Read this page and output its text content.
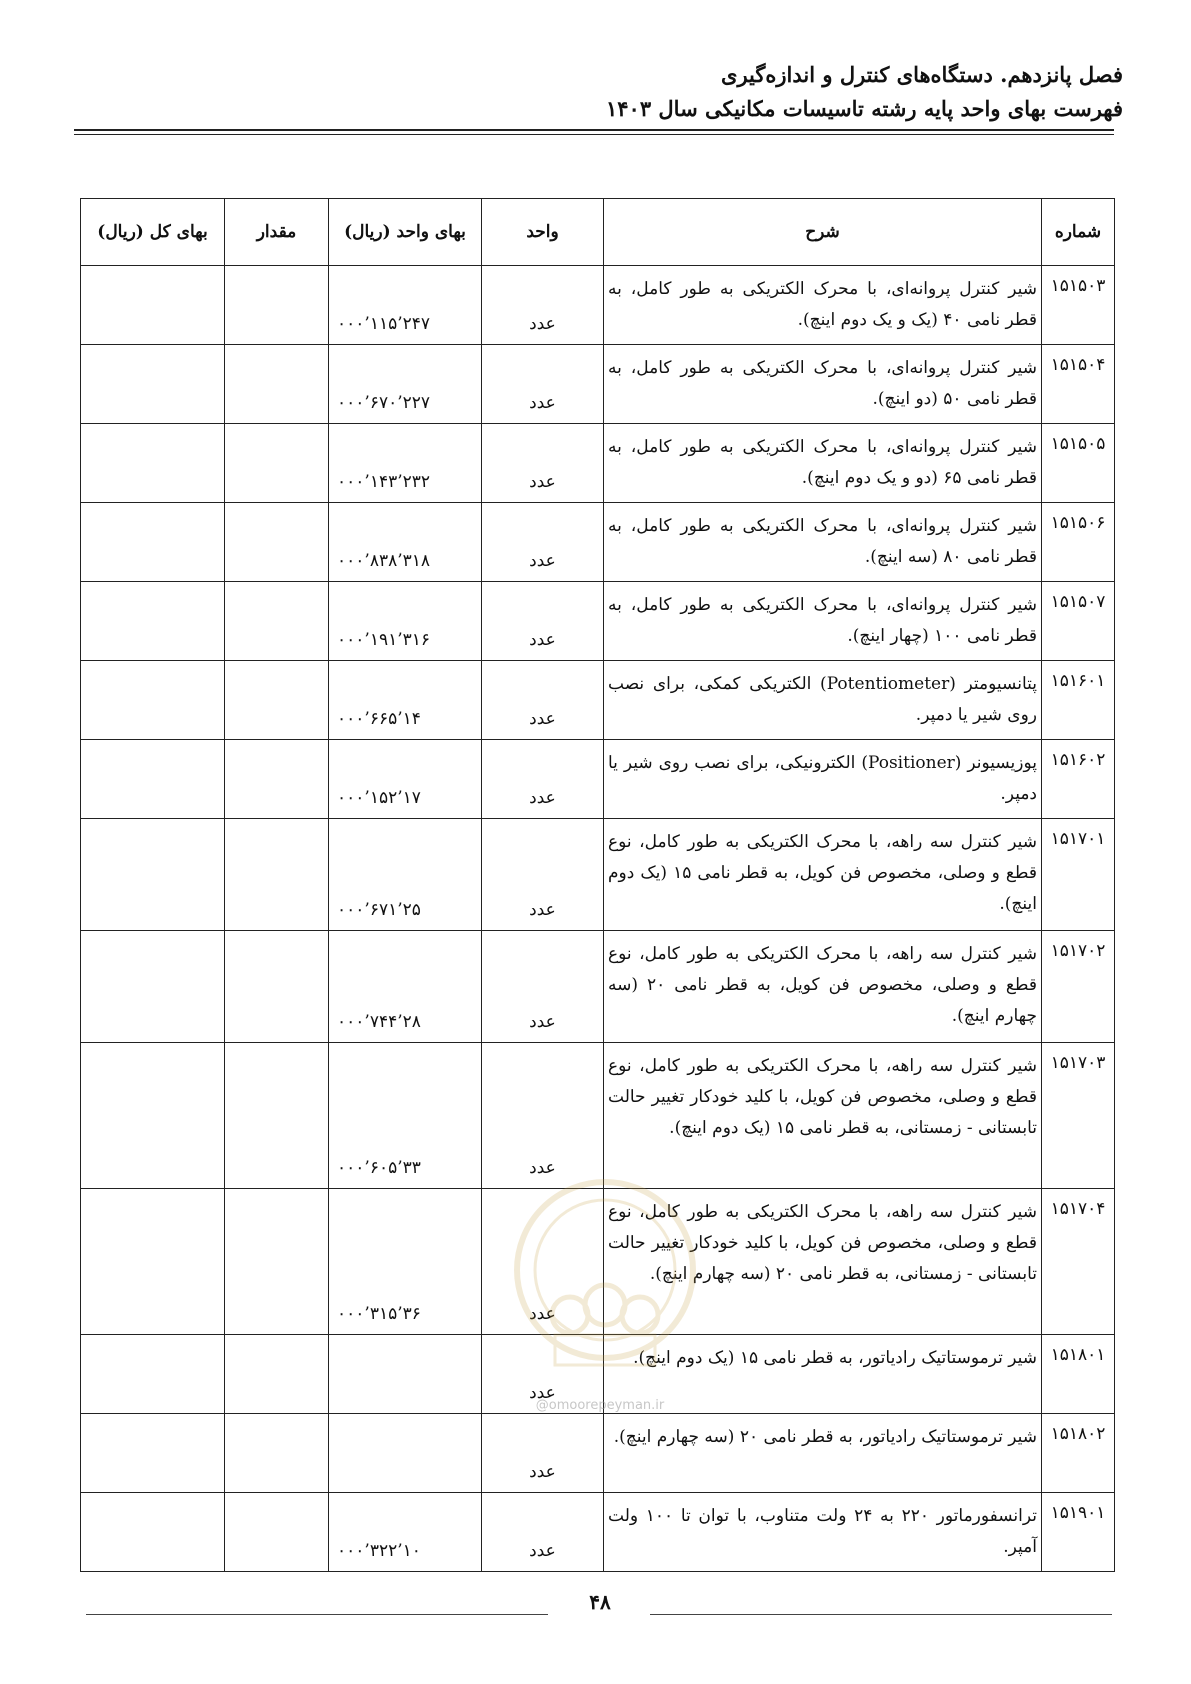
فصل پانزدهم. دستگاه‌های کنترل و اندازه‌گیری
فهرست بهای واحد پایه رشته تاسیسات مکانیکی سال ۱۴۰۳
شماره	شرح	واحد	بهای واحد (ریال)	مقدار	بهای کل (ریال)
۱۵۱۵۰۳	شیر کنترل پروانه‌ای، با محرک الکتریکی به طور کامل، به قطر نامی ۴۰ (یک و یک دوم اینچ).	عدد	۲۴۷’۱۱۵’۰۰۰		
۱۵۱۵۰۴	شیر کنترل پروانه‌ای، با محرک الکتریکی به طور کامل، به قطر نامی ۵۰ (دو اینچ).	عدد	۲۲۷’۶۷۰’۰۰۰		
۱۵۱۵۰۵	شیر کنترل پروانه‌ای، با محرک الکتریکی به طور کامل، به قطر نامی ۶۵ (دو و یک دوم اینچ).	عدد	۲۳۲’۱۴۳’۰۰۰		
۱۵۱۵۰۶	شیر کنترل پروانه‌ای، با محرک الکتریکی به طور کامل، به قطر نامی ۸۰ (سه اینچ).	عدد	۳۱۸’۸۳۸’۰۰۰		
۱۵۱۵۰۷	شیر کنترل پروانه‌ای، با محرک الکتریکی به طور کامل، به قطر نامی ۱۰۰ (چهار اینچ).	عدد	۳۱۶’۱۹۱’۰۰۰		
۱۵۱۶۰۱	پتانسیومتر (Potentiometer) الکتریکی کمکی، برای نصب روی شیر یا دمپر.	عدد	۱۴’۶۶۵’۰۰۰		
۱۵۱۶۰۲	پوزیسیونر (Positioner) الکترونیکی، برای نصب روی شیر یا دمپر.	عدد	۱۷’۱۵۲’۰۰۰		
۱۵۱۷۰۱	شیر کنترل سه راهه، با محرک الکتریکی به طور کامل، نوع قطع و وصلی، مخصوص فن کویل، به قطر نامی ۱۵ (یک دوم اینچ).	عدد	۲۵’۶۷۱’۰۰۰		
۱۵۱۷۰۲	شیر کنترل سه راهه، با محرک الکتریکی به طور کامل، نوع قطع و وصلی، مخصوص فن کویل، به قطر نامی ۲۰ (سه چهارم اینچ).	عدد	۲۸’۷۴۴’۰۰۰		
۱۵۱۷۰۳	شیر کنترل سه راهه، با محرک الکتریکی به طور کامل، نوع قطع و وصلی، مخصوص فن کویل، با کلید خودکار تغییر حالت تابستانی - زمستانی، به قطر نامی ۱۵ (یک دوم اینچ).	عدد	۳۳’۶۰۵’۰۰۰		
۱۵۱۷۰۴	شیر کنترل سه راهه، با محرک الکتریکی به طور کامل، نوع قطع و وصلی، مخصوص فن کویل، با کلید خودکار تغییر حالت تابستانی - زمستانی، به قطر نامی ۲۰ (سه چهارم اینچ).	عدد	۳۶’۳۱۵’۰۰۰		
۱۵۱۸۰۱	شیر ترموستاتیک رادیاتور، به قطر نامی ۱۵ (یک دوم اینچ).	عدد			
۱۵۱۸۰۲	شیر ترموستاتیک رادیاتور، به قطر نامی ۲۰ (سه چهارم اینچ).	عدد			
۱۵۱۹۰۱	ترانسفورماتور ۲۲۰ به ۲۴ ولت متناوب، با توان تا ۱۰۰ ولت آمپر.	عدد	۱۰’۳۲۲’۰۰۰		
@omoorepeyman.ir
۴۸
